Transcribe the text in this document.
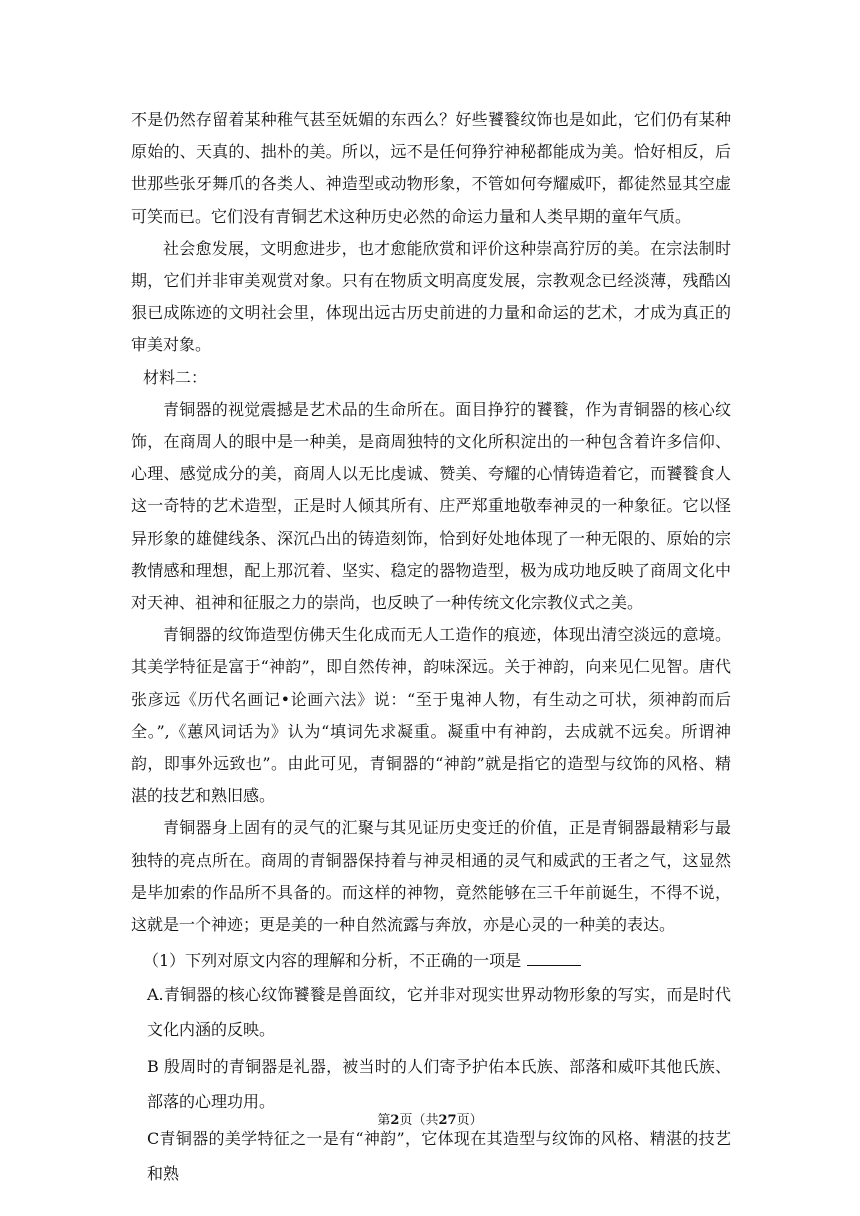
不是仍然存留着某种稚气甚至妩媚的东西么？好些饕餮纹饰也是如此，它们仍有某种原始的、天真的、拙朴的美。所以，远不是任何狰狞神秘都能成为美。恰好相反，后世那些张牙舞爪的各类人、神造型或动物形象，不管如何夸耀威吓，都徒然显其空虚可笑而已。它们没有青铜艺术这种历史必然的命运力量和人类早期的童年气质。

社会愈发展，文明愈进步，也才愈能欣赏和评价这种崇高狞厉的美。在宗法制时期，它们并非审美观赏对象。只有在物质文明高度发展，宗教观念已经淡薄，残酷凶狠已成陈迹的文明社会里，体现出远古历史前进的力量和命运的艺术，才成为真正的审美对象。

材料二：

青铜器的视觉震撼是艺术品的生命所在。面目挣狞的饕餮，作为青铜器的核心纹饰，在商周人的眼中是一种美，是商周独特的文化所积淀出的一种包含着许多信仰、心理、感觉成分的美，商周人以无比虔诚、赞美、夸耀的心情铸造着它，而饕餮食人这一奇特的艺术造型，正是时人倾其所有、庄严郑重地敬奉神灵的一种象征。它以怪异形象的雄健线条、深沉凸出的铸造刻饰，恰到好处地体现了一种无限的、原始的宗教情感和理想，配上那沉着、坚实、稳定的器物造型，极为成功地反映了商周文化中对天神、祖神和征服之力的崇尚，也反映了一种传统文化宗教仪式之美。

青铜器的纹饰造型仿佛天生化成而无人工造作的痕迹，体现出清空淡远的意境。其美学特征是富于“神韵”，即自然传神，韵味深远。关于神韵，向来见仁见智。唐代张彦远《历代名画记•论画六法》说：“至于鬼神人物，有生动之可状，须神韵而后全。”,《蕙风词话为》认为“填词先求凝重。凝重中有神韵，去成就不远矣。所谓神韵，即事外远致也”。由此可见，青铜器的“神韵”就是指它的造型与纹饰的风格、精湛的技艺和熟旧感。

青铜器身上固有的灵气的汇聚与其见证历史变迁的价值，正是青铜器最精彩与最独特的亮点所在。商周的青铜器保持着与神灵相通的灵气和威武的王者之气，这显然是毕加索的作品所不具备的。而这样的神物，竟然能够在三千年前诞生，不得不说，这就是一个神迹；更是美的一种自然流露与奔放，亦是心灵的一种美的表达。

（1）下列对原文内容的理解和分析，不正确的一项是

A.青铜器的核心纹饰饕餮是兽面纹，它并非对现实世界动物形象的写实，而是时代文化内涵的反映。

B 殷周时的青铜器是礼器，被当时的人们寄予护佑本氏族、部落和威吓其他氏族、部落的心理功用。

C青铜器的美学特征之一是有“神韵”，它体现在其造型与纹饰的风格、精湛的技艺和熟

第2页（共27页）
